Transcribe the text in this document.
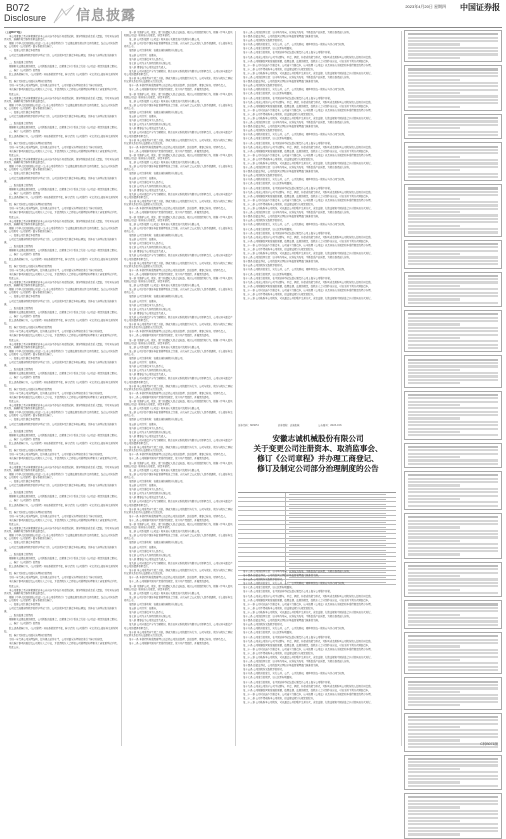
B072
Disclosure 信息披露
2023年4月20日 星期四 中国证券报

（上接B071版）

本公司董事会及全体董事保证本公告内容不存在任何虚假记载、误导性陈述或者重大遗漏，并对其内容的真实性、准确性和完整性承担法律责任。

根据《中华人民共和国公司法》《上市公司章程指引》等法律法规及规范性文件的规定，结合公司实际情况，公司拟对《公司章程》部分条款进行修订。

一、变更公司注册资本的情况

公司已完成限制性股票的授予登记工作，公司总股本及注册资本相应增加，具体以工商登记机关核准为准。

二、取消监事会的情况

根据相关法律法规的规定，公司拟取消监事会，由董事会审计委员会行使《公司法》规定的监事会职权。

三、修订《公司章程》的情况

除上述条款修订外，《公司章程》其他条款保持不变，修订后的《公司章程》全文详见上海证券交易所网站。

四、修订及制定公司部分治理制度的情况

为进一步完善公司治理结构，提升规范运作水平，公司对部分治理制度进行了修订和制定。

本次修订事项尚需提交公司股东大会审议，并提请股东大会授权公司管理层办理相关工商变更登记手续。

特此公告。

本公司董事会及全体董事保证本公告内容不存在任何虚假记载、误导性陈述或者重大遗漏，并对其内容的真实性、准确性和完整性承担法律责任。

根据《中华人民共和国公司法》《上市公司章程指引》等法律法规及规范性文件的规定，结合公司实际情况，公司拟对《公司章程》部分条款进行修订。

一、变更公司注册资本的情况

公司已完成限制性股票的授予登记工作，公司总股本及注册资本相应增加，具体以工商登记机关核准为准。

二、取消监事会的情况

根据相关法律法规的规定，公司拟取消监事会，由董事会审计委员会行使《公司法》规定的监事会职权。

三、修订《公司章程》的情况

除上述条款修订外，《公司章程》其他条款保持不变，修订后的《公司章程》全文详见上海证券交易所网站。

四、修订及制定公司部分治理制度的情况

为进一步完善公司治理结构，提升规范运作水平，公司对部分治理制度进行了修订和制定。

本次修订事项尚需提交公司股东大会审议，并提请股东大会授权公司管理层办理相关工商变更登记手续。

特此公告。

本公司董事会及全体董事保证本公告内容不存在任何虚假记载、误导性陈述或者重大遗漏，并对其内容的真实性、准确性和完整性承担法律责任。

根据《中华人民共和国公司法》《上市公司章程指引》等法律法规及规范性文件的规定，结合公司实际情况，公司拟对《公司章程》部分条款进行修订。

一、变更公司注册资本的情况

公司已完成限制性股票的授予登记工作，公司总股本及注册资本相应增加，具体以工商登记机关核准为准。

二、取消监事会的情况

根据相关法律法规的规定，公司拟取消监事会，由董事会审计委员会行使《公司法》规定的监事会职权。

三、修订《公司章程》的情况

除上述条款修订外，《公司章程》其他条款保持不变，修订后的《公司章程》全文详见上海证券交易所网站。

四、修订及制定公司部分治理制度的情况

为进一步完善公司治理结构，提升规范运作水平，公司对部分治理制度进行了修订和制定。

本次修订事项尚需提交公司股东大会审议，并提请股东大会授权公司管理层办理相关工商变更登记手续。

特此公告。

本公司董事会及全体董事保证本公告内容不存在任何虚假记载、误导性陈述或者重大遗漏，并对其内容的真实性、准确性和完整性承担法律责任。

根据《中华人民共和国公司法》《上市公司章程指引》等法律法规及规范性文件的规定，结合公司实际情况，公司拟对《公司章程》部分条款进行修订。

一、变更公司注册资本的情况

公司已完成限制性股票的授予登记工作，公司总股本及注册资本相应增加，具体以工商登记机关核准为准。

二、取消监事会的情况

根据相关法律法规的规定，公司拟取消监事会，由董事会审计委员会行使《公司法》规定的监事会职权。

三、修订《公司章程》的情况

除上述条款修订外，《公司章程》其他条款保持不变，修订后的《公司章程》全文详见上海证券交易所网站。

四、修订及制定公司部分治理制度的情况

为进一步完善公司治理结构，提升规范运作水平，公司对部分治理制度进行了修订和制定。

本次修订事项尚需提交公司股东大会审议，并提请股东大会授权公司管理层办理相关工商变更登记手续。

特此公告。

本公司董事会及全体董事保证本公告内容不存在任何虚假记载、误导性陈述或者重大遗漏，并对其内容的真实性、准确性和完整性承担法律责任。

根据《中华人民共和国公司法》《上市公司章程指引》等法律法规及规范性文件的规定，结合公司实际情况，公司拟对《公司章程》部分条款进行修订。

一、变更公司注册资本的情况

公司已完成限制性股票的授予登记工作，公司总股本及注册资本相应增加，具体以工商登记机关核准为准。

二、取消监事会的情况

根据相关法律法规的规定，公司拟取消监事会，由董事会审计委员会行使《公司法》规定的监事会职权。

三、修订《公司章程》的情况

除上述条款修订外，《公司章程》其他条款保持不变，修订后的《公司章程》全文详见上海证券交易所网站。

四、修订及制定公司部分治理制度的情况

为进一步完善公司治理结构，提升规范运作水平，公司对部分治理制度进行了修订和制定。

本次修订事项尚需提交公司股东大会审议，并提请股东大会授权公司管理层办理相关工商变更登记手续。

特此公告。

本公司董事会及全体董事保证本公告内容不存在任何虚假记载、误导性陈述或者重大遗漏，并对其内容的真实性、准确性和完整性承担法律责任。

根据《中华人民共和国公司法》《上市公司章程指引》等法律法规及规范性文件的规定，结合公司实际情况，公司拟对《公司章程》部分条款进行修订。

一、变更公司注册资本的情况

公司已完成限制性股票的授予登记工作，公司总股本及注册资本相应增加，具体以工商登记机关核准为准。

二、取消监事会的情况

根据相关法律法规的规定，公司拟取消监事会，由董事会审计委员会行使《公司法》规定的监事会职权。

三、修订《公司章程》的情况

除上述条款修订外，《公司章程》其他条款保持不变，修订后的《公司章程》全文详见上海证券交易所网站。

四、修订及制定公司部分治理制度的情况

为进一步完善公司治理结构，提升规范运作水平，公司对部分治理制度进行了修订和制定。

本次修订事项尚需提交公司股东大会审议，并提请股东大会授权公司管理层办理相关工商变更登记手续。

特此公告。

本公司董事会及全体董事保证本公告内容不存在任何虚假记载、误导性陈述或者重大遗漏，并对其内容的真实性、准确性和完整性承担法律责任。

根据《中华人民共和国公司法》《上市公司章程指引》等法律法规及规范性文件的规定，结合公司实际情况，公司拟对《公司章程》部分条款进行修订。

一、变更公司注册资本的情况

公司已完成限制性股票的授予登记工作，公司总股本及注册资本相应增加，具体以工商登记机关核准为准。

二、取消监事会的情况

根据相关法律法规的规定，公司拟取消监事会，由董事会审计委员会行使《公司法》规定的监事会职权。

三、修订《公司章程》的情况

除上述条款修订外，《公司章程》其他条款保持不变，修订后的《公司章程》全文详见上海证券交易所网站。

四、修订及制定公司部分治理制度的情况

为进一步完善公司治理结构，提升规范运作水平，公司对部分治理制度进行了修订和制定。

本次修订事项尚需提交公司股东大会审议，并提请股东大会授权公司管理层办理相关工商变更登记手续。

特此公告。

本公司董事会及全体董事保证本公告内容不存在任何虚假记载、误导性陈述或者重大遗漏，并对其内容的真实性、准确性和完整性承担法律责任。

根据《中华人民共和国公司法》《上市公司章程指引》等法律法规及规范性文件的规定，结合公司实际情况，公司拟对《公司章程》部分条款进行修订。

一、变更公司注册资本的情况

公司已完成限制性股票的授予登记工作，公司总股本及注册资本相应增加，具体以工商登记机关核准为准。

二、取消监事会的情况

根据相关法律法规的规定，公司拟取消监事会，由董事会审计委员会行使《公司法》规定的监事会职权。

三、修订《公司章程》的情况

除上述条款修订外，《公司章程》其他条款保持不变，修订后的《公司章程》全文详见上海证券交易所网站。

四、修订及制定公司部分治理制度的情况

为进一步完善公司治理结构，提升规范运作水平，公司对部分治理制度进行了修订和制定。

本次修订事项尚需提交公司股东大会审议，并提请股东大会授权公司管理层办理相关工商变更登记手续。

特此公告。

本公司董事会及全体董事保证本公告内容不存在任何虚假记载、误导性陈述或者重大遗漏，并对其内容的真实性、准确性和完整性承担法律责任。

根据《中华人民共和国公司法》《上市公司章程指引》等法律法规及规范性文件的规定，结合公司实际情况，公司拟对《公司章程》部分条款进行修订。

一、变更公司注册资本的情况

公司已完成限制性股票的授予登记工作，公司总股本及注册资本相应增加，具体以工商登记机关核准为准。

二、取消监事会的情况

根据相关法律法规的规定，公司拟取消监事会，由董事会审计委员会行使《公司法》规定的监事会职权。

三、修订《公司章程》的情况

除上述条款修订外，《公司章程》其他条款保持不变，修订后的《公司章程》全文详见上海证券交易所网站。

四、修订及制定公司部分治理制度的情况

为进一步完善公司治理结构，提升规范运作水平，公司对部分治理制度进行了修订和制定。

本次修订事项尚需提交公司股东大会审议，并提请股东大会授权公司管理层办理相关工商变更登记手续。

特此公告。

本公司董事会及全体董事保证本公告内容不存在任何虚假记载、误导性陈述或者重大遗漏，并对其内容的真实性、准确性和完整性承担法律责任。

根据《中华人民共和国公司法》《上市公司章程指引》等法律法规及规范性文件的规定，结合公司实际情况，公司拟对《公司章程》部分条款进行修订。

一、变更公司注册资本的情况

公司已完成限制性股票的授予登记工作，公司总股本及注册资本相应增加，具体以工商登记机关核准为准。

二、取消监事会的情况

根据相关法律法规的规定，公司拟取消监事会，由董事会审计委员会行使《公司法》规定的监事会职权。

三、修订《公司章程》的情况

除上述条款修订外，《公司章程》其他条款保持不变，修订后的《公司章程》全文详见上海证券交易所网站。

四、修订及制定公司部分治理制度的情况

为进一步完善公司治理结构，提升规范运作水平，公司对部分治理制度进行了修订和制定。

本次修订事项尚需提交公司股东大会审议，并提请股东大会授权公司管理层办理相关工商变更登记手续。

特此公告。

第一条 为维护公司、股东、职工和债权人的合法权益，规范公司的组织和行为，根据《中华人民共和国公司法》和其他有关规定，制定本章程。

第二条 公司系依照《公司法》和其他有关规定成立的股份有限公司。

第三条 公司于经中国证券监督管理委员会注册，首次向社会公众发行人民币普通股，于上海证券交易所上市。

第四条 公司注册名称：安徽志诚机械股份有限公司。

第五条 公司住所：安徽省。

第六条 公司注册资本为人民币元。

第七条 公司为永久存续的股份有限公司。

第八条 董事长为公司的法定代表人。

第九条 公司全部资产分为等额股份，股东以其认购的股份为限对公司承担责任，公司以其全部资产对公司的债务承担责任。

第十条 本公司章程自生效之日起，即成为规范公司的组织与行为、公司与股东、股东与股东之间权利义务关系的具有法律约束力的文件。

第十一条 本章程所称高级管理人员是指公司的总经理、副总经理、董事会秘书、财务负责人。

第十二条 公司根据中国共产党章程的规定，设立共产党组织、开展党的活动。

第一条 为维护公司、股东、职工和债权人的合法权益，规范公司的组织和行为，根据《中华人民共和国公司法》和其他有关规定，制定本章程。

第二条 公司系依照《公司法》和其他有关规定成立的股份有限公司。

第三条 公司于经中国证券监督管理委员会注册，首次向社会公众发行人民币普通股，于上海证券交易所上市。

第四条 公司注册名称：安徽志诚机械股份有限公司。

第五条 公司住所：安徽省。

第六条 公司注册资本为人民币元。

第七条 公司为永久存续的股份有限公司。

第八条 董事长为公司的法定代表人。

第九条 公司全部资产分为等额股份，股东以其认购的股份为限对公司承担责任，公司以其全部资产对公司的债务承担责任。

第十条 本公司章程自生效之日起，即成为规范公司的组织与行为、公司与股东、股东与股东之间权利义务关系的具有法律约束力的文件。

第十一条 本章程所称高级管理人员是指公司的总经理、副总经理、董事会秘书、财务负责人。

第十二条 公司根据中国共产党章程的规定，设立共产党组织、开展党的活动。

第一条 为维护公司、股东、职工和债权人的合法权益，规范公司的组织和行为，根据《中华人民共和国公司法》和其他有关规定，制定本章程。

第二条 公司系依照《公司法》和其他有关规定成立的股份有限公司。

第三条 公司于经中国证券监督管理委员会注册，首次向社会公众发行人民币普通股，于上海证券交易所上市。

第四条 公司注册名称：安徽志诚机械股份有限公司。

第五条 公司住所：安徽省。

第六条 公司注册资本为人民币元。

第七条 公司为永久存续的股份有限公司。

第八条 董事长为公司的法定代表人。

第九条 公司全部资产分为等额股份，股东以其认购的股份为限对公司承担责任，公司以其全部资产对公司的债务承担责任。

第十条 本公司章程自生效之日起，即成为规范公司的组织与行为、公司与股东、股东与股东之间权利义务关系的具有法律约束力的文件。

第十一条 本章程所称高级管理人员是指公司的总经理、副总经理、董事会秘书、财务负责人。

第十二条 公司根据中国共产党章程的规定，设立共产党组织、开展党的活动。

第一条 为维护公司、股东、职工和债权人的合法权益，规范公司的组织和行为，根据《中华人民共和国公司法》和其他有关规定，制定本章程。

第二条 公司系依照《公司法》和其他有关规定成立的股份有限公司。

第三条 公司于经中国证券监督管理委员会注册，首次向社会公众发行人民币普通股，于上海证券交易所上市。

第四条 公司注册名称：安徽志诚机械股份有限公司。

第五条 公司住所：安徽省。

第六条 公司注册资本为人民币元。

第七条 公司为永久存续的股份有限公司。

第八条 董事长为公司的法定代表人。

第九条 公司全部资产分为等额股份，股东以其认购的股份为限对公司承担责任，公司以其全部资产对公司的债务承担责任。

第十条 本公司章程自生效之日起，即成为规范公司的组织与行为、公司与股东、股东与股东之间权利义务关系的具有法律约束力的文件。

第十一条 本章程所称高级管理人员是指公司的总经理、副总经理、董事会秘书、财务负责人。

第十二条 公司根据中国共产党章程的规定，设立共产党组织、开展党的活动。

第一条 为维护公司、股东、职工和债权人的合法权益，规范公司的组织和行为，根据《中华人民共和国公司法》和其他有关规定，制定本章程。

第二条 公司系依照《公司法》和其他有关规定成立的股份有限公司。

第三条 公司于经中国证券监督管理委员会注册，首次向社会公众发行人民币普通股，于上海证券交易所上市。

第四条 公司注册名称：安徽志诚机械股份有限公司。

第五条 公司住所：安徽省。

第六条 公司注册资本为人民币元。

第七条 公司为永久存续的股份有限公司。

第八条 董事长为公司的法定代表人。

第九条 公司全部资产分为等额股份，股东以其认购的股份为限对公司承担责任，公司以其全部资产对公司的债务承担责任。

第十条 本公司章程自生效之日起，即成为规范公司的组织与行为、公司与股东、股东与股东之间权利义务关系的具有法律约束力的文件。

第十一条 本章程所称高级管理人员是指公司的总经理、副总经理、董事会秘书、财务负责人。

第十二条 公司根据中国共产党章程的规定，设立共产党组织、开展党的活动。

第一条 为维护公司、股东、职工和债权人的合法权益，规范公司的组织和行为，根据《中华人民共和国公司法》和其他有关规定，制定本章程。

第二条 公司系依照《公司法》和其他有关规定成立的股份有限公司。

第三条 公司于经中国证券监督管理委员会注册，首次向社会公众发行人民币普通股，于上海证券交易所上市。

第四条 公司注册名称：安徽志诚机械股份有限公司。

第五条 公司住所：安徽省。

第六条 公司注册资本为人民币元。

第七条 公司为永久存续的股份有限公司。

第八条 董事长为公司的法定代表人。

第九条 公司全部资产分为等额股份，股东以其认购的股份为限对公司承担责任，公司以其全部资产对公司的债务承担责任。

第十条 本公司章程自生效之日起，即成为规范公司的组织与行为、公司与股东、股东与股东之间权利义务关系的具有法律约束力的文件。

第十一条 本章程所称高级管理人员是指公司的总经理、副总经理、董事会秘书、财务负责人。

第十二条 公司根据中国共产党章程的规定，设立共产党组织、开展党的活动。

第一条 为维护公司、股东、职工和债权人的合法权益，规范公司的组织和行为，根据《中华人民共和国公司法》和其他有关规定，制定本章程。

第二条 公司系依照《公司法》和其他有关规定成立的股份有限公司。

第三条 公司于经中国证券监督管理委员会注册，首次向社会公众发行人民币普通股，于上海证券交易所上市。

第四条 公司注册名称：安徽志诚机械股份有限公司。

第五条 公司住所：安徽省。

第六条 公司注册资本为人民币元。

第七条 公司为永久存续的股份有限公司。

第八条 董事长为公司的法定代表人。

第九条 公司全部资产分为等额股份，股东以其认购的股份为限对公司承担责任，公司以其全部资产对公司的债务承担责任。

第十条 本公司章程自生效之日起，即成为规范公司的组织与行为、公司与股东、股东与股东之间权利义务关系的具有法律约束力的文件。

第十一条 本章程所称高级管理人员是指公司的总经理、副总经理、董事会秘书、财务负责人。

第十二条 公司根据中国共产党章程的规定，设立共产党组织、开展党的活动。

第一条 为维护公司、股东、职工和债权人的合法权益，规范公司的组织和行为，根据《中华人民共和国公司法》和其他有关规定，制定本章程。

第二条 公司系依照《公司法》和其他有关规定成立的股份有限公司。

第三条 公司于经中国证券监督管理委员会注册，首次向社会公众发行人民币普通股，于上海证券交易所上市。

第四条 公司注册名称：安徽志诚机械股份有限公司。

第五条 公司住所：安徽省。

第六条 公司注册资本为人民币元。

第七条 公司为永久存续的股份有限公司。

第八条 董事长为公司的法定代表人。

第九条 公司全部资产分为等额股份，股东以其认购的股份为限对公司承担责任，公司以其全部资产对公司的债务承担责任。

第十条 本公司章程自生效之日起，即成为规范公司的组织与行为、公司与股东、股东与股东之间权利义务关系的具有法律约束力的文件。

第十一条 本章程所称高级管理人员是指公司的总经理、副总经理、董事会秘书、财务负责人。

第十二条 公司根据中国共产党章程的规定，设立共产党组织、开展党的活动。

第一条 为维护公司、股东、职工和债权人的合法权益，规范公司的组织和行为，根据《中华人民共和国公司法》和其他有关规定，制定本章程。

第二条 公司系依照《公司法》和其他有关规定成立的股份有限公司。

第三条 公司于经中国证券监督管理委员会注册，首次向社会公众发行人民币普通股，于上海证券交易所上市。

第四条 公司注册名称：安徽志诚机械股份有限公司。

第五条 公司住所：安徽省。

第六条 公司注册资本为人民币元。

第七条 公司为永久存续的股份有限公司。

第八条 董事长为公司的法定代表人。

第九条 公司全部资产分为等额股份，股东以其认购的股份为限对公司承担责任，公司以其全部资产对公司的债务承担责任。

第十条 本公司章程自生效之日起，即成为规范公司的组织与行为、公司与股东、股东与股东之间权利义务关系的具有法律约束力的文件。

第十一条 本章程所称高级管理人员是指公司的总经理、副总经理、董事会秘书、财务负责人。

第十二条 公司根据中国共产党章程的规定，设立共产党组织、开展党的活动。

第一条 为维护公司、股东、职工和债权人的合法权益，规范公司的组织和行为，根据《中华人民共和国公司法》和其他有关规定，制定本章程。

第二条 公司系依照《公司法》和其他有关规定成立的股份有限公司。

第三条 公司于经中国证券监督管理委员会注册，首次向社会公众发行人民币普通股，于上海证券交易所上市。

第四条 公司注册名称：安徽志诚机械股份有限公司。

第五条 公司住所：安徽省。

第六条 公司注册资本为人民币元。

第七条 公司为永久存续的股份有限公司。

第八条 董事长为公司的法定代表人。

第九条 公司全部资产分为等额股份，股东以其认购的股份为限对公司承担责任，公司以其全部资产对公司的债务承担责任。

第十条 本公司章程自生效之日起，即成为规范公司的组织与行为、公司与股东、股东与股东之间权利义务关系的具有法律约束力的文件。

第十一条 本章程所称高级管理人员是指公司的总经理、副总经理、董事会秘书、财务负责人。

第十二条 公司根据中国共产党章程的规定，设立共产党组织、开展党的活动。

第十三条 公司的经营宗旨：以市场为导向，以科技为先导，不断提高产品质量，为股东创造最大价值。

第十四条 经依法登记，公司的经营范围以市场监督管理部门核准的为准。

第十五条 公司的股份采取股票的形式。

第十六条 公司股份的发行，实行公开、公平、公正的原则，同种类的每一股份应当具有同等权利。

第十七条 公司发行的股票，以人民币标明面值。

第十八条 公司发行的股份，在中国证券登记结算有限责任公司上海分公司集中存管。

第十九条 公司或公司的子公司不以赠与、垫资、担保、补偿或贷款等形式，对购买或者拟购买公司股份的人提供任何资助。

第二十条 公司根据经营和发展的需要，依照法律、法规的规定，经股东大会分别作出决议，可以采用下列方式增加资本。

第二十一条 公司可以减少注册资本。公司减少注册资本，应当按照《公司法》以及其他有关规定和本章程规定的程序办理。

第二十二条 公司不得收购本公司股份，但法律法规另有规定的除外。

第二十三条 公司收购本公司股份，可以通过公开的集中交易方式，或者法律、行政法规和中国证监会认可的其他方式进行。

第十三条 公司的经营宗旨：以市场为导向，以科技为先导，不断提高产品质量，为股东创造最大价值。

第十四条 经依法登记，公司的经营范围以市场监督管理部门核准的为准。

第十五条 公司的股份采取股票的形式。

第十六条 公司股份的发行，实行公开、公平、公正的原则，同种类的每一股份应当具有同等权利。

第十七条 公司发行的股票，以人民币标明面值。

第十八条 公司发行的股份，在中国证券登记结算有限责任公司上海分公司集中存管。

第十九条 公司或公司的子公司不以赠与、垫资、担保、补偿或贷款等形式，对购买或者拟购买公司股份的人提供任何资助。

第二十条 公司根据经营和发展的需要，依照法律、法规的规定，经股东大会分别作出决议，可以采用下列方式增加资本。

第二十一条 公司可以减少注册资本。公司减少注册资本，应当按照《公司法》以及其他有关规定和本章程规定的程序办理。

第二十二条 公司不得收购本公司股份，但法律法规另有规定的除外。

第二十三条 公司收购本公司股份，可以通过公开的集中交易方式，或者法律、行政法规和中国证监会认可的其他方式进行。

第十三条 公司的经营宗旨：以市场为导向，以科技为先导，不断提高产品质量，为股东创造最大价值。

第十四条 经依法登记，公司的经营范围以市场监督管理部门核准的为准。

第十五条 公司的股份采取股票的形式。

第十六条 公司股份的发行，实行公开、公平、公正的原则，同种类的每一股份应当具有同等权利。

第十七条 公司发行的股票，以人民币标明面值。

第十八条 公司发行的股份，在中国证券登记结算有限责任公司上海分公司集中存管。

第十九条 公司或公司的子公司不以赠与、垫资、担保、补偿或贷款等形式，对购买或者拟购买公司股份的人提供任何资助。

第二十条 公司根据经营和发展的需要，依照法律、法规的规定，经股东大会分别作出决议，可以采用下列方式增加资本。

第二十一条 公司可以减少注册资本。公司减少注册资本，应当按照《公司法》以及其他有关规定和本章程规定的程序办理。

第二十二条 公司不得收购本公司股份，但法律法规另有规定的除外。

第二十三条 公司收购本公司股份，可以通过公开的集中交易方式，或者法律、行政法规和中国证监会认可的其他方式进行。

第十三条 公司的经营宗旨：以市场为导向，以科技为先导，不断提高产品质量，为股东创造最大价值。

第十四条 经依法登记，公司的经营范围以市场监督管理部门核准的为准。

第十五条 公司的股份采取股票的形式。

第十六条 公司股份的发行，实行公开、公平、公正的原则，同种类的每一股份应当具有同等权利。

第十七条 公司发行的股票，以人民币标明面值。

第十八条 公司发行的股份，在中国证券登记结算有限责任公司上海分公司集中存管。

第十九条 公司或公司的子公司不以赠与、垫资、担保、补偿或贷款等形式，对购买或者拟购买公司股份的人提供任何资助。

第二十条 公司根据经营和发展的需要，依照法律、法规的规定，经股东大会分别作出决议，可以采用下列方式增加资本。

第二十一条 公司可以减少注册资本。公司减少注册资本，应当按照《公司法》以及其他有关规定和本章程规定的程序办理。

第二十二条 公司不得收购本公司股份，但法律法规另有规定的除外。

第二十三条 公司收购本公司股份，可以通过公开的集中交易方式，或者法律、行政法规和中国证监会认可的其他方式进行。

第十三条 公司的经营宗旨：以市场为导向，以科技为先导，不断提高产品质量，为股东创造最大价值。

第十四条 经依法登记，公司的经营范围以市场监督管理部门核准的为准。

第十五条 公司的股份采取股票的形式。

第十六条 公司股份的发行，实行公开、公平、公正的原则，同种类的每一股份应当具有同等权利。

第十七条 公司发行的股票，以人民币标明面值。

第十八条 公司发行的股份，在中国证券登记结算有限责任公司上海分公司集中存管。

第十九条 公司或公司的子公司不以赠与、垫资、担保、补偿或贷款等形式，对购买或者拟购买公司股份的人提供任何资助。

第二十条 公司根据经营和发展的需要，依照法律、法规的规定，经股东大会分别作出决议，可以采用下列方式增加资本。

第二十一条 公司可以减少注册资本。公司减少注册资本，应当按照《公司法》以及其他有关规定和本章程规定的程序办理。

第二十二条 公司不得收购本公司股份，但法律法规另有规定的除外。

第二十三条 公司收购本公司股份，可以通过公开的集中交易方式，或者法律、行政法规和中国证监会认可的其他方式进行。

第十三条 公司的经营宗旨：以市场为导向，以科技为先导，不断提高产品质量，为股东创造最大价值。

第十四条 经依法登记，公司的经营范围以市场监督管理部门核准的为准。

第十五条 公司的股份采取股票的形式。

第十六条 公司股份的发行，实行公开、公平、公正的原则，同种类的每一股份应当具有同等权利。

第十七条 公司发行的股票，以人民币标明面值。

第十八条 公司发行的股份，在中国证券登记结算有限责任公司上海分公司集中存管。

第十九条 公司或公司的子公司不以赠与、垫资、担保、补偿或贷款等形式，对购买或者拟购买公司股份的人提供任何资助。

第二十条 公司根据经营和发展的需要，依照法律、法规的规定，经股东大会分别作出决议，可以采用下列方式增加资本。

第二十一条 公司可以减少注册资本。公司减少注册资本，应当按照《公司法》以及其他有关规定和本章程规定的程序办理。

第二十二条 公司不得收购本公司股份，但法律法规另有规定的除外。

第二十三条 公司收购本公司股份，可以通过公开的集中交易方式，或者法律、行政法规和中国证监会认可的其他方式进行。

证券代码：603051	证券简称：志诚机械	公告编号：2023-016
安徽志诚机械股份有限公司
关于变更公司注册资本、取消监事会、
修订《公司章程》并办理工商登记、
修订及制定公司部分治理制度的公告

第十三条 公司的经营宗旨：以市场为导向，以科技为先导，不断提高产品质量，为股东创造最大价值。

第十四条 经依法登记，公司的经营范围以市场监督管理部门核准的为准。

第十五条 公司的股份采取股票的形式。

第十六条 公司股份的发行，实行公开、公平、公正的原则，同种类的每一股份应当具有同等权利。

第十七条 公司发行的股票，以人民币标明面值。

第十八条 公司发行的股份，在中国证券登记结算有限责任公司上海分公司集中存管。

第十九条 公司或公司的子公司不以赠与、垫资、担保、补偿或贷款等形式，对购买或者拟购买公司股份的人提供任何资助。

第二十条 公司根据经营和发展的需要，依照法律、法规的规定，经股东大会分别作出决议，可以采用下列方式增加资本。

第二十一条 公司可以减少注册资本。公司减少注册资本，应当按照《公司法》以及其他有关规定和本章程规定的程序办理。

第二十二条 公司不得收购本公司股份，但法律法规另有规定的除外。

第二十三条 公司收购本公司股份，可以通过公开的集中交易方式，或者法律、行政法规和中国证监会认可的其他方式进行。

第十三条 公司的经营宗旨：以市场为导向，以科技为先导，不断提高产品质量，为股东创造最大价值。

第十四条 经依法登记，公司的经营范围以市场监督管理部门核准的为准。

第十五条 公司的股份采取股票的形式。

第十六条 公司股份的发行，实行公开、公平、公正的原则，同种类的每一股份应当具有同等权利。

第十七条 公司发行的股票，以人民币标明面值。

第十八条 公司发行的股份，在中国证券登记结算有限责任公司上海分公司集中存管。

第十九条 公司或公司的子公司不以赠与、垫资、担保、补偿或贷款等形式，对购买或者拟购买公司股份的人提供任何资助。

第二十条 公司根据经营和发展的需要，依照法律、法规的规定，经股东大会分别作出决议，可以采用下列方式增加资本。

第二十一条 公司可以减少注册资本。公司减少注册资本，应当按照《公司法》以及其他有关规定和本章程规定的程序办理。

第二十二条 公司不得收购本公司股份，但法律法规另有规定的除外。

第二十三条 公司收购本公司股份，可以通过公开的集中交易方式，或者法律、行政法规和中国证监会认可的其他方式进行。

第十三条 公司的经营宗旨：以市场为导向，以科技为先导，不断提高产品质量，为股东创造最大价值。

第十四条 经依法登记，公司的经营范围以市场监督管理部门核准的为准。

第十五条 公司的股份采取股票的形式。

第十六条 公司股份的发行，实行公开、公平、公正的原则，同种类的每一股份应当具有同等权利。

第十七条 公司发行的股票，以人民币标明面值。

第十八条 公司发行的股份，在中国证券登记结算有限责任公司上海分公司集中存管。

第十九条 公司或公司的子公司不以赠与、垫资、担保、补偿或贷款等形式，对购买或者拟购买公司股份的人提供任何资助。

第二十条 公司根据经营和发展的需要，依照法律、法规的规定，经股东大会分别作出决议，可以采用下列方式增加资本。

第二十一条 公司可以减少注册资本。公司减少注册资本，应当按照《公司法》以及其他有关规定和本章程规定的程序办理。

第二十二条 公司不得收购本公司股份，但法律法规另有规定的除外。

第二十三条 公司收购本公司股份，可以通过公开的集中交易方式，或者法律、行政法规和中国证监会认可的其他方式进行。

C转B071版
